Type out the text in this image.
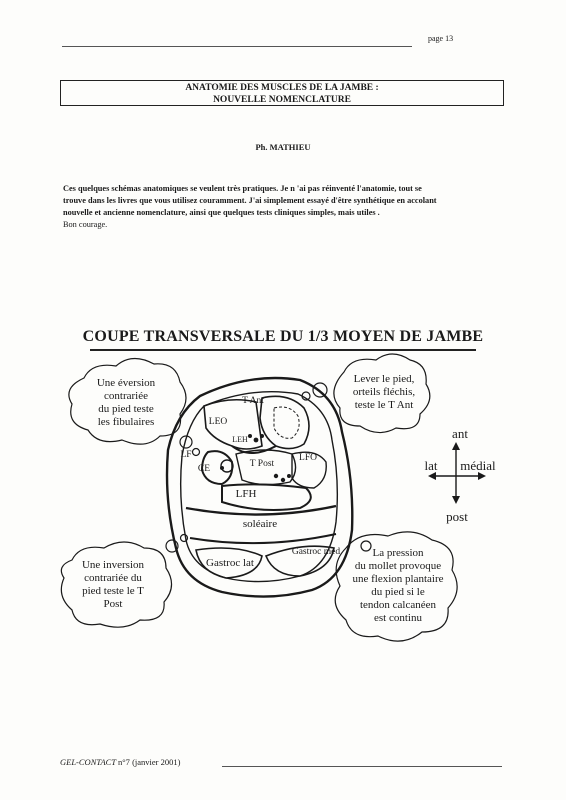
page 13
ANATOMIE DES MUSCLES DE LA JAMBE :
NOUVELLE NOMENCLATURE
Ph. MATHIEU
Ces quelques schémas anatomiques se veulent très pratiques. Je n 'ai pas réinventé l'anatomie, tout se
trouve dans les livres que vous utilisez couramment. J'ai simplement essayé d'être synthétique en accolant
nouvelle et ancienne nomenclature, ainsi que quelques tests cliniques simples, mais utiles .
Bon courage.
COUPE TRANSVERSALE DU 1/3 MOYEN DE JAMBE
Une éversion
contrariée
du pied teste
les fibulaires
Lever le pied,
orteils fléchis,
teste le T Ant
Une inversion
contrariée du
pied teste le T
Post
La pression
du mollet provoque
une flexion plantaire
du pied si le
tendon calcanéen
est continu
T Ant
LEO
LEH
LF
CE	T Post
LFO
LFH
soléaire
Gastroc lat
Gastroc med
ant
lat médial
post
GEL-CONTACT n°7 (janvier 2001)
